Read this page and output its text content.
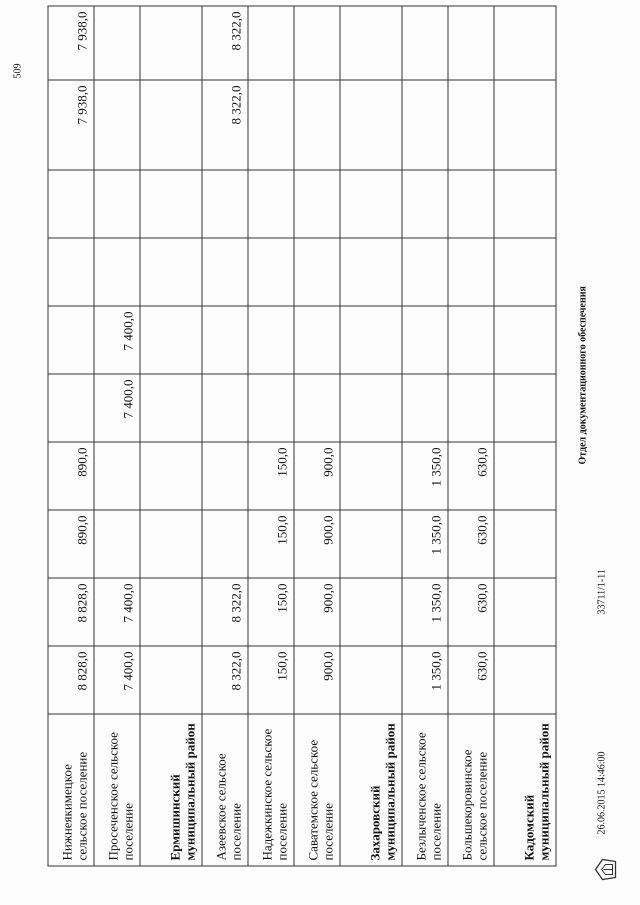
509
Нижнеякимецкое сельское поселение	8 828,0	8 828,0	890,0	890,0					7 938,0	7 938,0
Просеченское сельское поселение	7 400,0	7 400,0			7 400,0	7 400,0				
Ермишинский муниципальный район										
Азеевское сельское поселение	8 322,0	8 322,0							8 322,0	8 322,0
Надежкинское сельское поселение	150,0	150,0	150,0	150,0						
Саватемское сельское поселение	900,0	900,0	900,0	900,0						
Захаровский муниципальный район										
Безлыченское сельское поселение	1 350,0	1 350,0	1 350,0	1 350,0						
Большекоровинское сельское поселение	630,0	630,0	630,0	630,0						
Кадомский муниципальный район											26.06.2015 14:46:00
33711/1-11
Отдел документационного обеспечения
